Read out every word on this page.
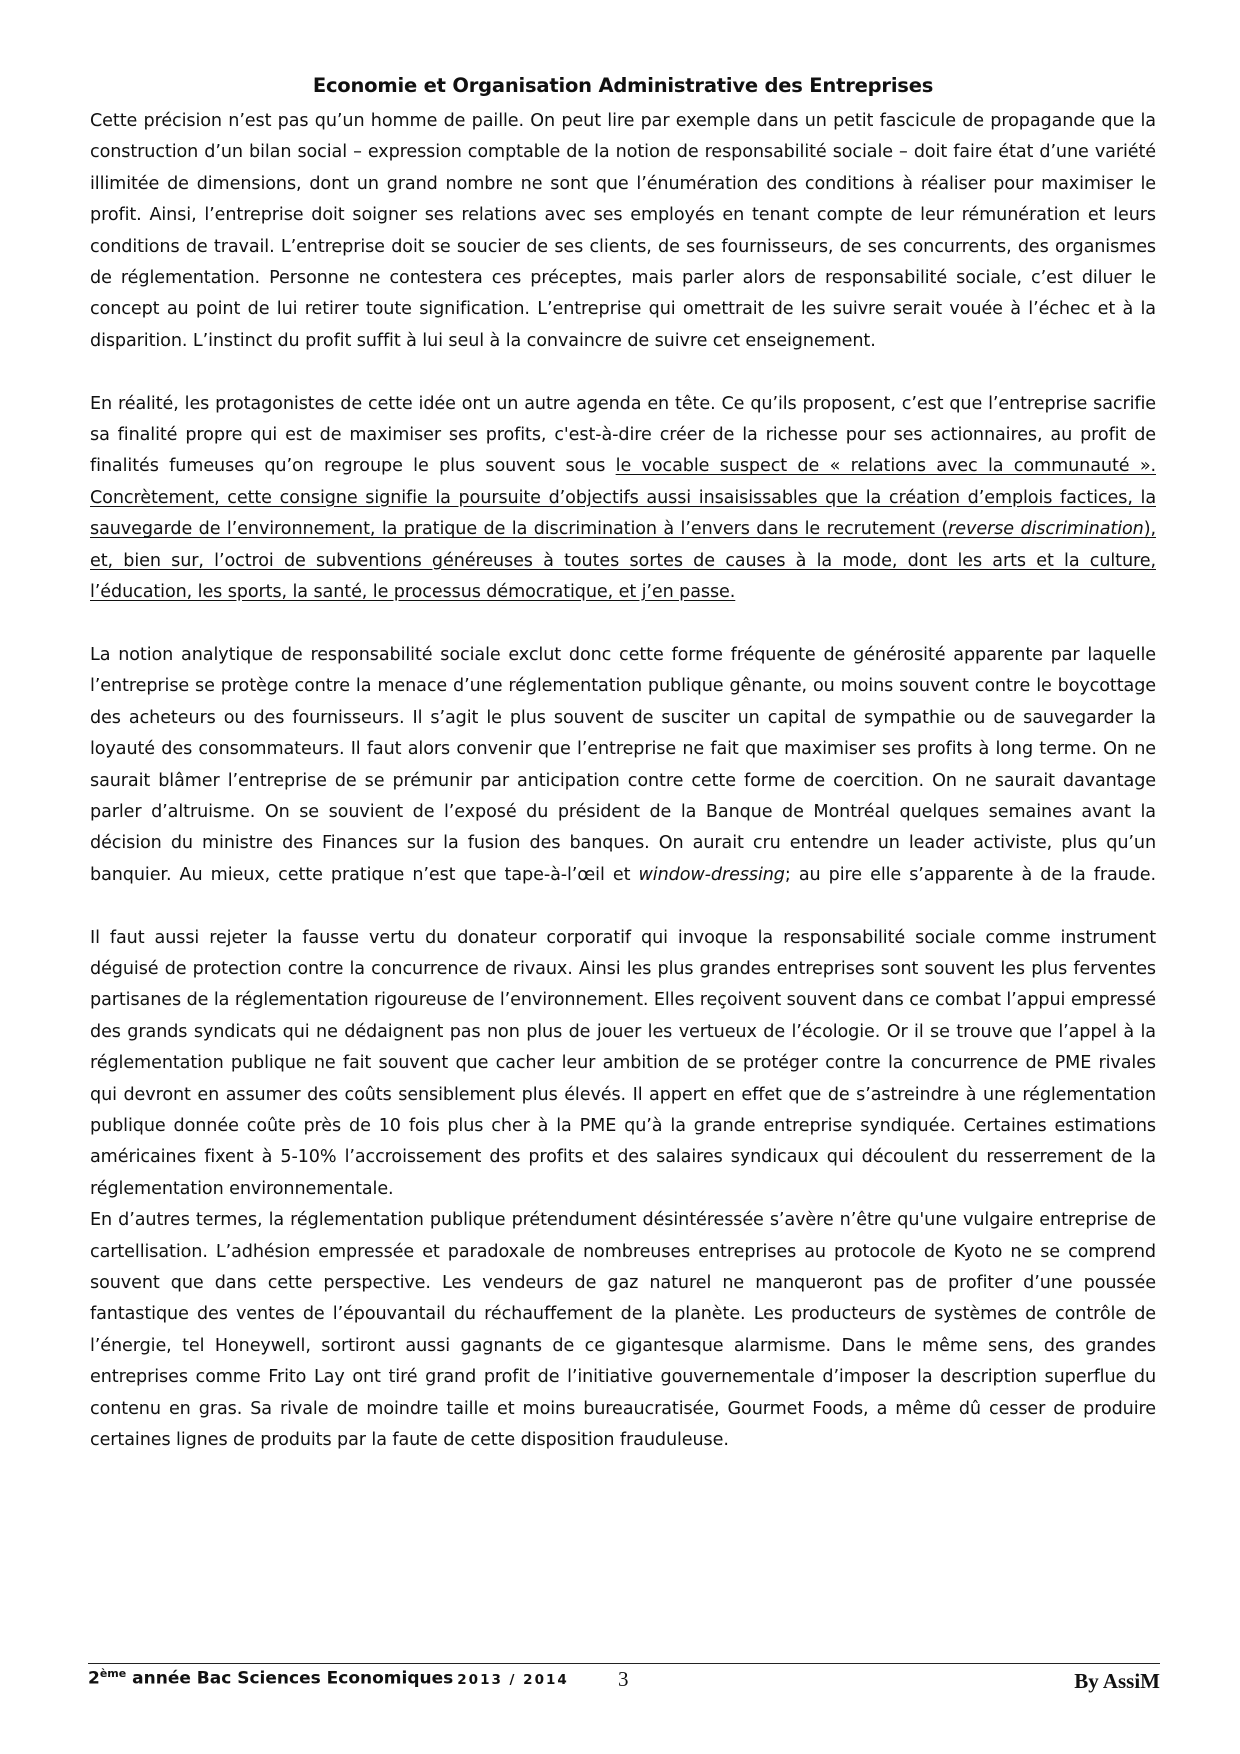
Economie et Organisation Administrative des Entreprises

Cette précision n’est pas qu’un homme de paille. On peut lire par exemple dans un petit fascicule de propagande que la construction d’un bilan social – expression comptable de la notion de responsabilité sociale – doit faire état d’une variété illimitée de dimensions, dont un grand nombre ne sont que l’énumération des conditions à réaliser pour maximiser le profit. Ainsi, l’entreprise doit soigner ses relations avec ses employés en tenant compte de leur rémunération et leurs conditions de travail. L’entreprise doit se soucier de ses clients, de ses fournisseurs, de ses concurrents, des organismes de réglementation. Personne ne contestera ces préceptes, mais parler alors de responsabilité sociale, c’est diluer le concept au point de lui retirer toute signification. L’entreprise qui omettrait de les suivre serait vouée à l’échec et à la disparition. L’instinct du profit suffit à lui seul à la convaincre de suivre cet enseignement.

En réalité, les protagonistes de cette idée ont un autre agenda en tête. Ce qu’ils proposent, c’est que l’entreprise sacrifie sa finalité propre qui est de maximiser ses profits, c'est-à-dire créer de la richesse pour ses actionnaires, au profit de finalités fumeuses qu’on regroupe le plus souvent sous le vocable suspect de « relations avec la communauté ». Concrètement, cette consigne signifie la poursuite d’objectifs aussi insaisissables que la création d’emplois factices, la sauvegarde de l’environnement, la pratique de la discrimination à l’envers dans le recrutement (reverse discrimination), et, bien sur, l’octroi de subventions généreuses à toutes sortes de causes à la mode, dont les arts et la culture, l’éducation, les sports, la santé, le processus démocratique, et j’en passe.

La notion analytique de responsabilité sociale exclut donc cette forme fréquente de générosité apparente par laquelle l’entreprise se protège contre la menace d’une réglementation publique gênante, ou moins souvent contre le boycottage des acheteurs ou des fournisseurs. Il s’agit le plus souvent de susciter un capital de sympathie ou de sauvegarder la loyauté des consommateurs. Il faut alors convenir que l’entreprise ne fait que maximiser ses profits à long terme. On ne saurait blâmer l’entreprise de se prémunir par anticipation contre cette forme de coercition. On ne saurait davantage parler d’altruisme. On se souvient de l’exposé du président de la Banque de Montréal quelques semaines avant la décision du ministre des Finances sur la fusion des banques. On aurait cru entendre un leader activiste, plus qu’un banquier. Au mieux, cette pratique n’est que tape-à-l’œil et window-dressing; au pire elle s’apparente à de la fraude.

Il faut aussi rejeter la fausse vertu du donateur corporatif qui invoque la responsabilité sociale comme instrument déguisé de protection contre la concurrence de rivaux. Ainsi les plus grandes entreprises sont souvent les plus ferventes partisanes de la réglementation rigoureuse de l’environnement. Elles reçoivent souvent dans ce combat l’appui empressé des grands syndicats qui ne dédaignent pas non plus de jouer les vertueux de l’écologie. Or il se trouve que l’appel à la réglementation publique ne fait souvent que cacher leur ambition de se protéger contre la concurrence de PME rivales qui devront en assumer des coûts sensiblement plus élevés. Il appert en effet que de s’astreindre à une réglementation publique donnée coûte près de 10 fois plus cher à la PME qu’à la grande entreprise syndiquée. Certaines estimations américaines fixent à 5-10% l’accroissement des profits et des salaires syndicaux qui découlent du resserrement de la réglementation environnementale.

En d’autres termes, la réglementation publique prétendument désintéressée s’avère n’être qu'une vulgaire entreprise de cartellisation. L’adhésion empressée et paradoxale de nombreuses entreprises au protocole de Kyoto ne se comprend souvent que dans cette perspective. Les vendeurs de gaz naturel ne manqueront pas de profiter d’une poussée fantastique des ventes de l’épouvantail du réchauffement de la planète. Les producteurs de systèmes de contrôle de l’énergie, tel Honeywell, sortiront aussi gagnants de ce gigantesque alarmisme. Dans le même sens, des grandes entreprises comme Frito Lay ont tiré grand profit de l’initiative gouvernementale d’imposer la description superflue du contenu en gras. Sa rivale de moindre taille et moins bureaucratisée, Gourmet Foods, a même dû cesser de produire certaines lignes de produits par la faute de cette disposition frauduleuse.

2ème année Bac Sciences Economiques 2013 / 2014 3	By AssiM
